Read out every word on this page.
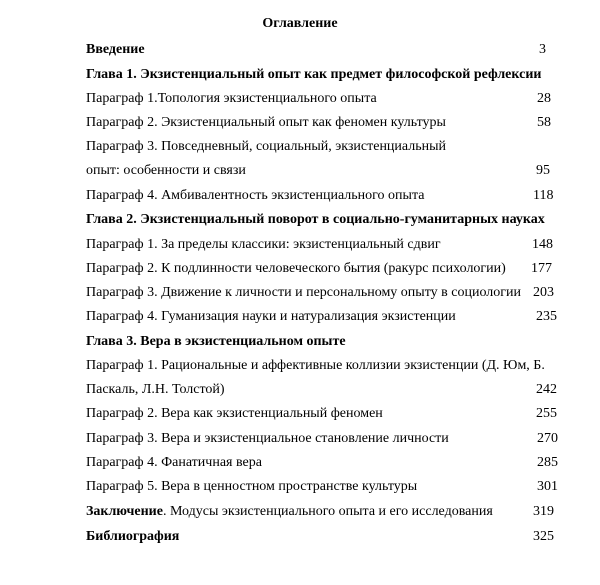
Оглавление
Введение	3
Глава 1. Экзистенциальный опыт как предмет философской рефлексии
Параграф 1.Топология экзистенциального опыта	28
Параграф 2. Экзистенциальный опыт как феномен культуры	58
Параграф 3. Повседневный, социальный, экзистенциальный
опыт: особенности и связи	95
Параграф 4. Амбивалентность экзистенциального опыта	118
Глава 2. Экзистенциальный поворот в социально-гуманитарных науках
Параграф 1. За пределы классики: экзистенциальный сдвиг	148
Параграф 2. К подлинности человеческого бытия (ракурс психологии) 177
Параграф 3. Движение к личности и персональному опыту в социологии 203
Параграф 4. Гуманизация науки и натурализация экзистенции	235
Глава 3. Вера в экзистенциальном опыте
Параграф 1. Рациональные и аффективные коллизии экзистенции (Д. Юм, Б.
Паскаль, Л.Н. Толстой)	242
Параграф 2. Вера как экзистенциальный феномен	255
Параграф 3. Вера и экзистенциальное становление личности	270
Параграф 4. Фанатичная вера	285
Параграф 5. Вера в ценностном пространстве культуры	301
Заключение. Модусы экзистенциального опыта и его исследования	319
Библиография	325
